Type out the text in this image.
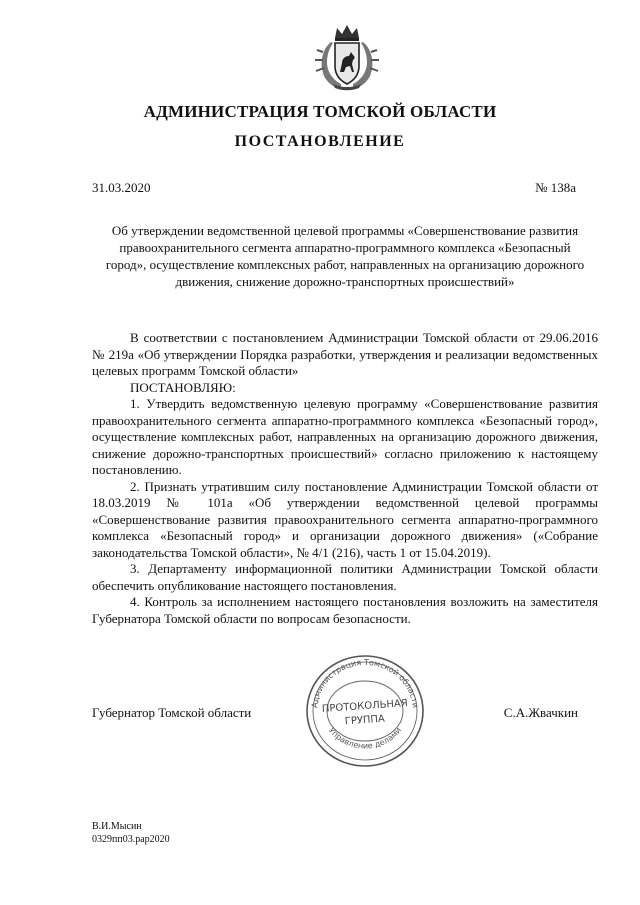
АДМИНИСТРАЦИЯ ТОМСКОЙ ОБЛАСТИ
ПОСТАНОВЛЕНИЕ
31.03.2020	№ 138а
Об утверждении ведомственной целевой программы «Совершенствование развития правоохранительного сегмента аппаратно-программного комплекса «Безопасный город», осуществление комплексных работ, направленных на организацию дорожного движения, снижение дорожно-транспортных происшествий»

В соответствии с постановлением Администрации Томской области от 29.06.2016 № 219а «Об утверждении Порядка разработки, утверждения и реализации ведомственных целевых программ Томской области»

ПОСТАНОВЛЯЮ:

1. Утвердить ведомственную целевую программу «Совершенствование развития правоохранительного сегмента аппаратно-программного комплекса «Безопасный город», осуществление комплексных работ, направленных на организацию дорожного движения, снижение дорожно-транспортных происшествий» согласно приложению к настоящему постановлению.

2. Признать утратившим силу постановление Администрации Томской области от 18.03.2019 № 101а «Об утверждении ведомственной целевой программы «Совершенствование развития правоохранительного сегмента аппаратно-программного комплекса «Безопасный город» и организации дорожного движения» («Собрание законодательства Томской области», № 4/1 (216), часть 1 от 15.04.2019).

3. Департаменту информационной политики Администрации Томской области обеспечить опубликование настоящего постановления.

4. Контроль за исполнением настоящего постановления возложить на заместителя Губернатора Томской области по вопросам безопасности.

Губернатор Томской области	С.А.Жвачкин
Администрация Томской области
Управление делами
ПРОТОКОЛЬНАЯ
ГРУППА
В.И.Мысин
0329пп03.рар2020
